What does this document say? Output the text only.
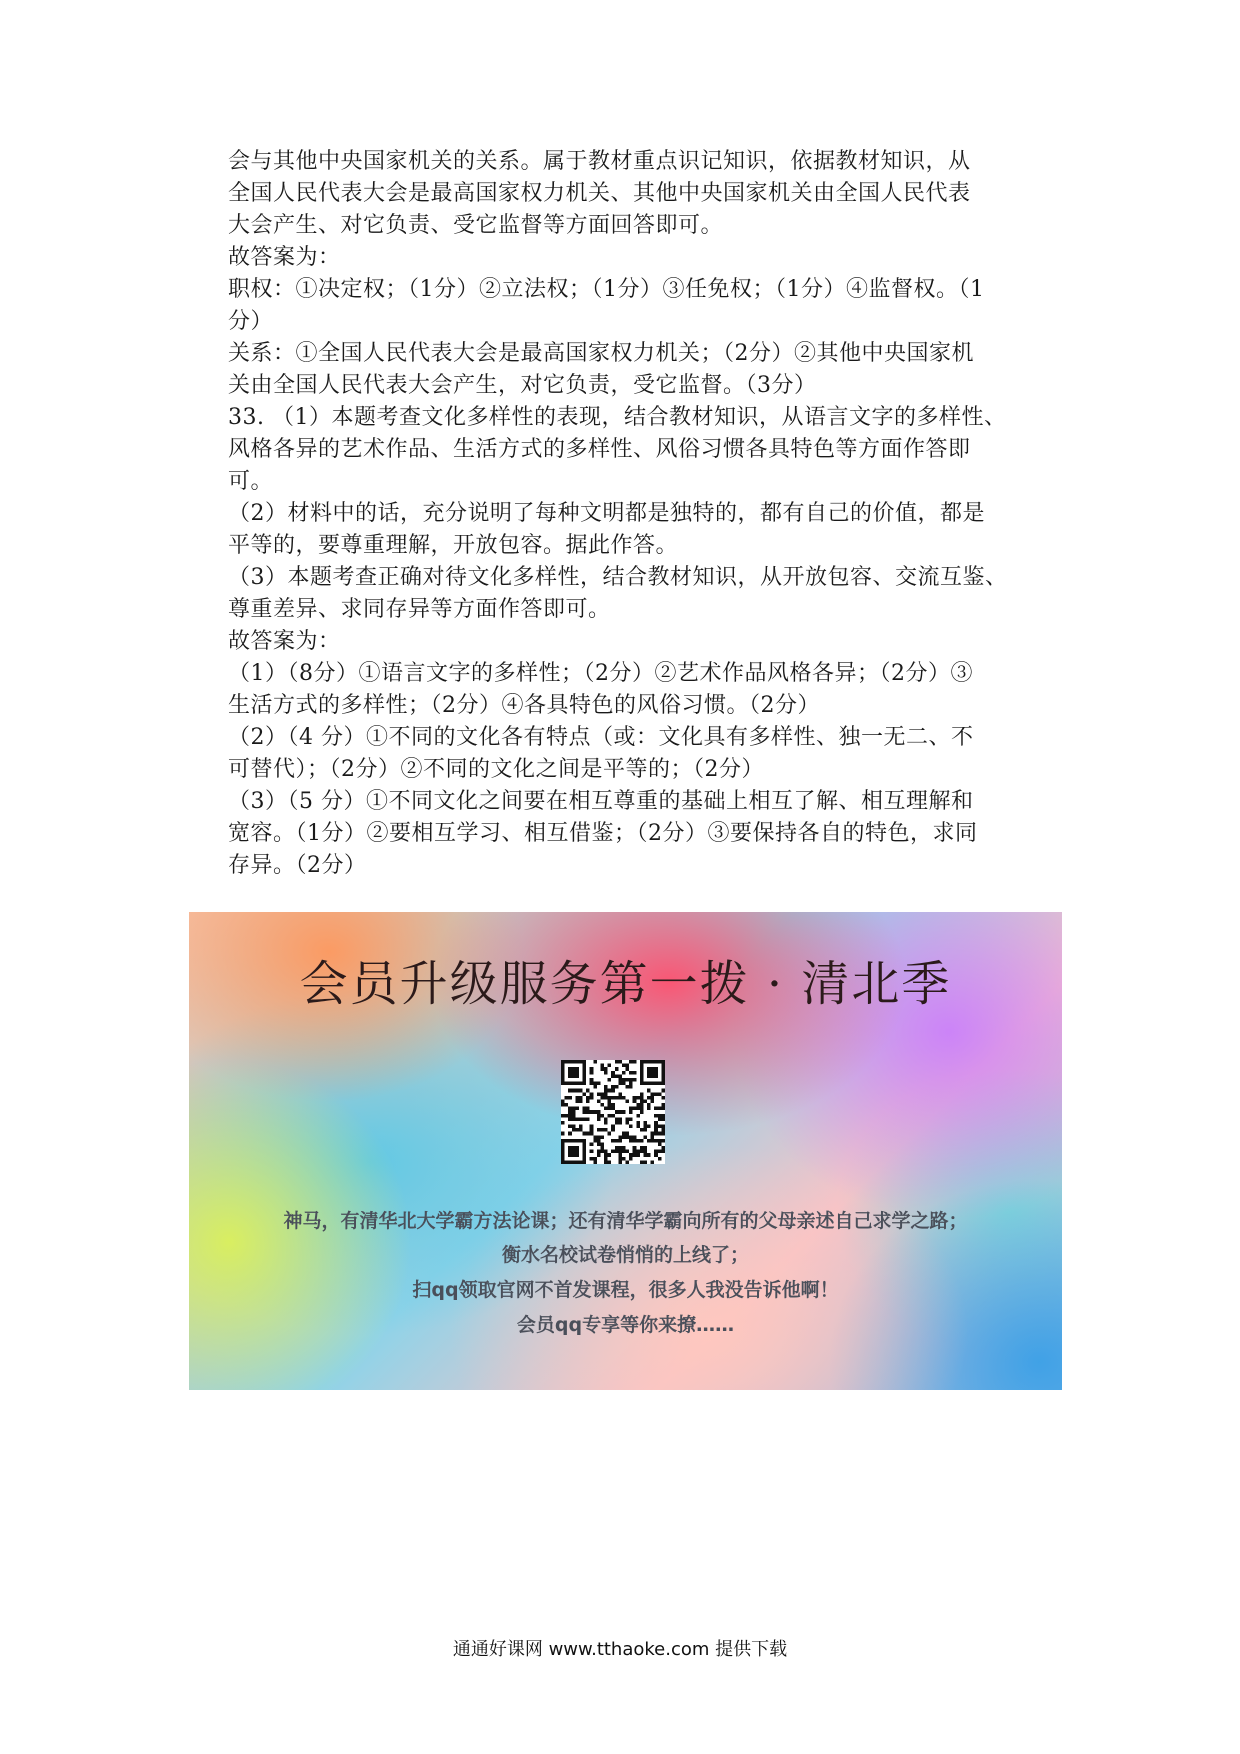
会与其他中央国家机关的关系。属于教材重点识记知识，依据教材知识，从
全国人民代表大会是最高国家权力机关、其他中央国家机关由全国人民代表
大会产生、对它负责、受它监督等方面回答即可。
故答案为：
职权：①决定权；（1分）②立法权；（1分）③任免权；（1分）④监督权。（1
分）
关系：①全国人民代表大会是最高国家权力机关；（2分）②其他中央国家机
关由全国人民代表大会产生，对它负责，受它监督。（3分）
33. （1）本题考查文化多样性的表现，结合教材知识，从语言文字的多样性、
风格各异的艺术作品、生活方式的多样性、风俗习惯各具特色等方面作答即
可。
（2）材料中的话，充分说明了每种文明都是独特的，都有自己的价值，都是
平等的，要尊重理解，开放包容。据此作答。
（3）本题考查正确对待文化多样性，结合教材知识，从开放包容、交流互鉴、
尊重差异、求同存异等方面作答即可。
故答案为：
（1）（8分）①语言文字的多样性；（2分）②艺术作品风格各异；（2分）③
生活方式的多样性；（2分）④各具特色的风俗习惯。（2分）
（2）（4 分）①不同的文化各有特点（或：文化具有多样性、独一无二、不
可替代）；（2分）②不同的文化之间是平等的；（2分）
（3）（5 分）①不同文化之间要在相互尊重的基础上相互了解、相互理解和
宽容。（1分）②要相互学习、相互借鉴；（2分）③要保持各自的特色，求同
存异。（2分）
会员升级服务第一拨 · 清北季
神马，有清华北大学霸方法论课；还有清华学霸向所有的父母亲述自己求学之路；
衡水名校试卷悄悄的上线了；
扫qq领取官网不首发课程，很多人我没告诉他啊！
会员qq专享等你来撩……
通通好课网 www.tthaoke.com 提供下载
